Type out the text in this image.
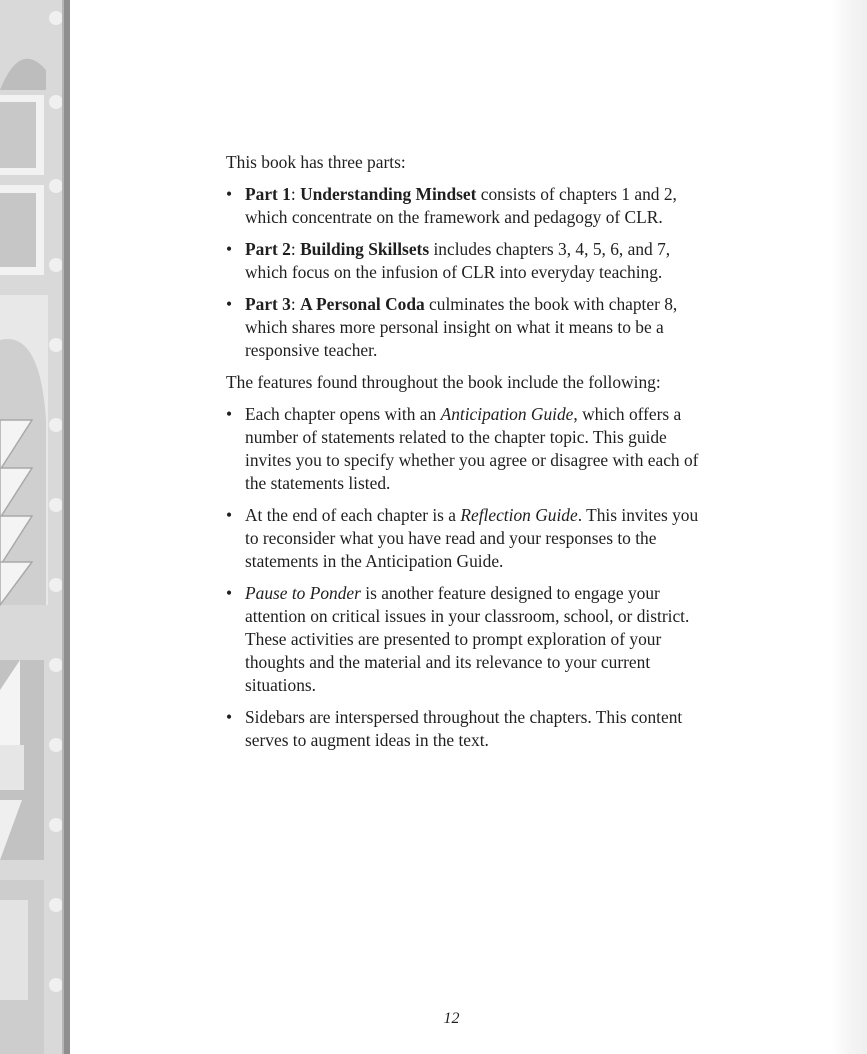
This book has three parts:

• Part 1: Understanding Mindset consists of chapters 1 and 2, which concentrate on the framework and pedagogy of CLR.
• Part 2: Building Skillsets includes chapters 3, 4, 5, 6, and 7, which focus on the infusion of CLR into everyday teaching.
• Part 3: A Personal Coda culminates the book with chapter 8, which shares more personal insight on what it means to be a responsive teacher.

The features found throughout the book include the following:

• Each chapter opens with an Anticipation Guide, which offers a number of statements related to the chapter topic. This guide invites you to specify whether you agree or disagree with each of the statements listed.
• At the end of each chapter is a Reflection Guide. This invites you to reconsider what you have read and your responses to the statements in the Anticipation Guide.
• Pause to Ponder is another feature designed to engage your attention on critical issues in your classroom, school, or district. These activities are presented to prompt exploration of your thoughts and the material and its relevance to your current situations.
• Sidebars are interspersed throughout the chapters. This content serves to augment ideas in the text.
12
